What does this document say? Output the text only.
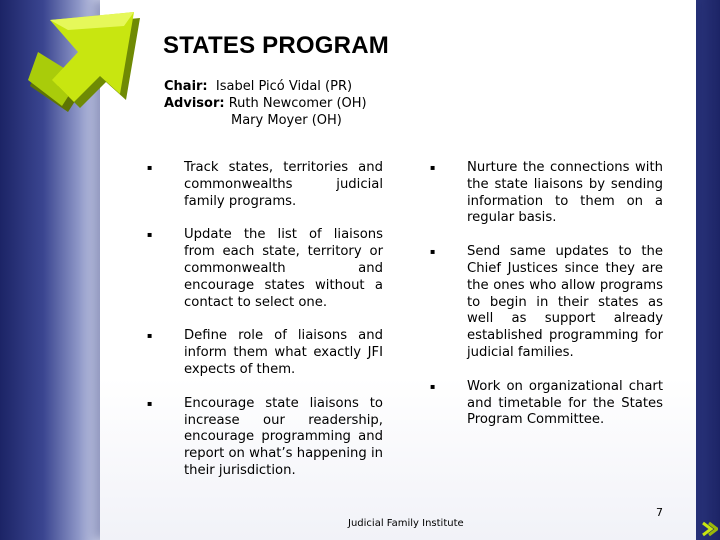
STATES PROGRAM
Chair: Isabel Picó Vidal (PR)
Advisor: Ruth Newcomer (OH)
Mary Moyer (OH)
▪	Track states, territories and commonwealths judicial family programs.
▪	Update the list of liaisons from each state, territory or commonwealth and encourage states without a contact to select one.
▪	Define role of liaisons and inform them what exactly JFI expects of them.
▪	Encourage state liaisons to increase our readership, encourage programming and report on what’s happening in their jurisdiction.
▪	Nurture the connections with the state liaisons by sending information to them on a regular basis.
▪	Send same updates to the Chief Justices since they are the ones who allow programs to begin in their states as well as support already established programming for judicial families.
▪	Work on organizational chart and timetable for the States Program Committee.
7
Judicial Family Institute
